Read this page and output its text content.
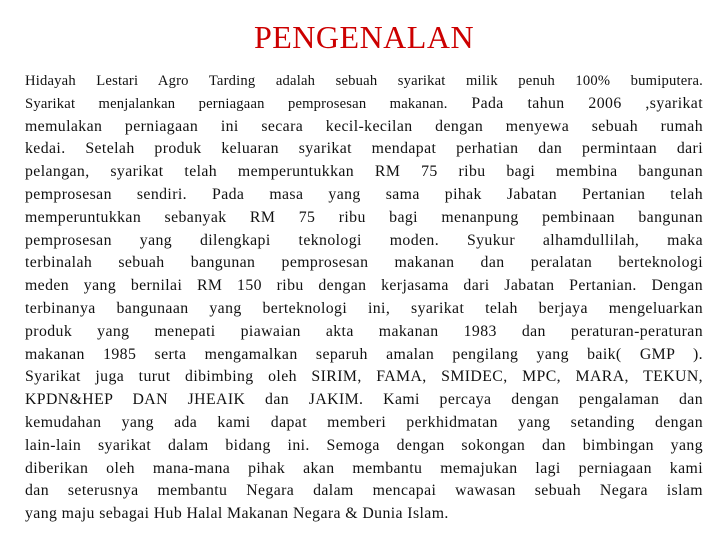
PENGENALAN
Hidayah Lestari Agro Tarding adalah sebuah syarikat milik penuh 100% bumiputera.
Syarikat menjalankan perniagaan pemprosesan makanan. Pada tahun 2006 ,syarikat
memulakan perniagaan ini secara kecil-kecilan dengan menyewa sebuah rumah
kedai. Setelah produk keluaran syarikat mendapat perhatian dan permintaan dari
pelangan, syarikat telah memperuntukkan RM 75 ribu bagi membina bangunan
pemprosesan sendiri. Pada masa yang sama pihak Jabatan Pertanian telah
memperuntukkan sebanyak RM 75 ribu bagi menanpung pembinaan bangunan
pemprosesan yang dilengkapi teknologi moden. Syukur alhamdullilah, maka
terbinalah sebuah bangunan pemprosesan makanan dan peralatan berteknologi
meden yang bernilai RM 150 ribu dengan kerjasama dari Jabatan Pertanian. Dengan
terbinanya bangunaan yang berteknologi ini, syarikat telah berjaya mengeluarkan
produk yang menepati piawaian akta makanan 1983 dan peraturan-peraturan
makanan 1985 serta mengamalkan separuh amalan pengilang yang baik( GMP ).
Syarikat juga turut dibimbing oleh SIRIM, FAMA, SMIDEC, MPC, MARA, TEKUN,
KPDN&HEP DAN JHEAIK dan JAKIM. Kami percaya dengan pengalaman dan
kemudahan yang ada kami dapat memberi perkhidmatan yang setanding dengan
lain-lain syarikat dalam bidang ini. Semoga dengan sokongan dan bimbingan yang
diberikan oleh mana-mana pihak akan membantu memajukan lagi perniagaan kami
dan seterusnya membantu Negara dalam mencapai wawasan sebuah Negara islam
yang maju sebagai Hub Halal Makanan Negara & Dunia Islam.
